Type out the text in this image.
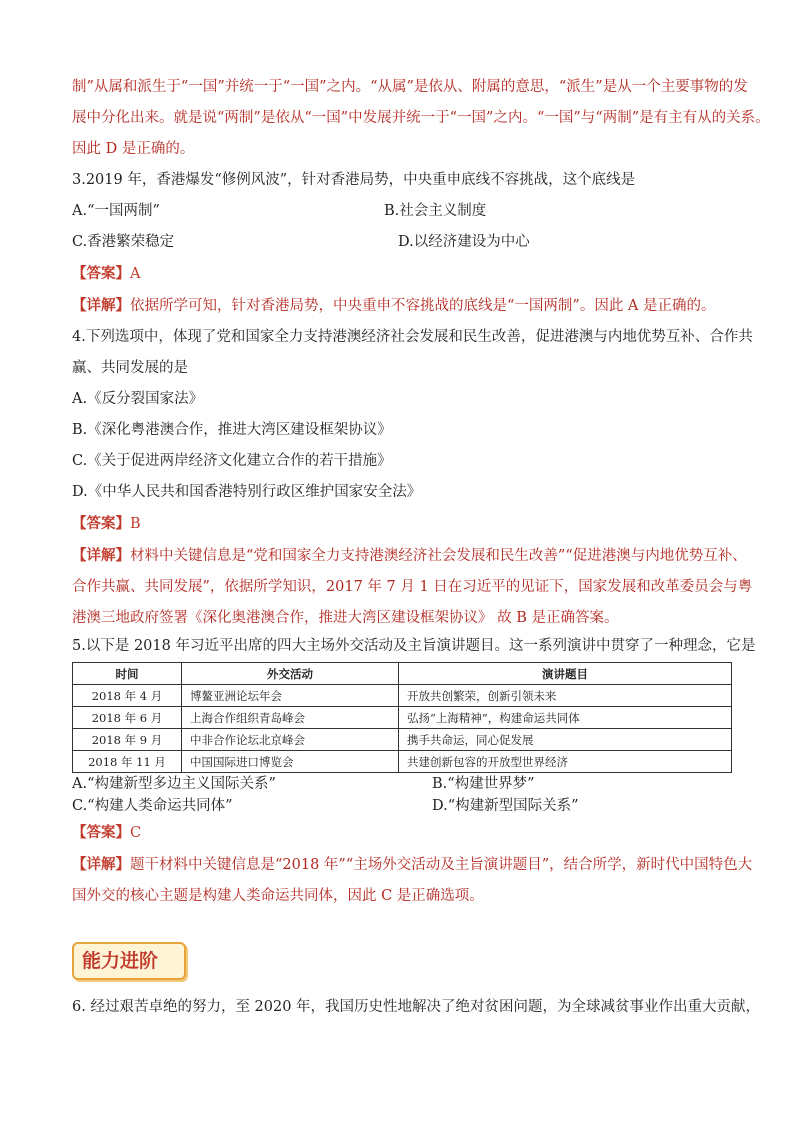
制”从属和派生于“一国”并统一于“一国”之内。“从属”是依从、附属的意思，“派生”是从一个主要事物的发
展中分化出来。就是说“两制”是依从“一国”中发展并统一于“一国”之内。“一国”与“两制”是有主有从的关系。
因此 D 是正确的。
3.2019 年，香港爆发“修例风波”，针对香港局势，中央重申底线不容挑战，这个底线是
A.“一国两制”	B.社会主义制度
C.香港繁荣稳定	D.以经济建设为中心
【答案】A
【详解】依据所学可知，针对香港局势，中央重申不容挑战的底线是“一国两制”。因此 A 是正确的。
4.下列选项中，体现了党和国家全力支持港澳经济社会发展和民生改善，促进港澳与内地优势互补、合作共
赢、共同发展的是
A.《反分裂国家法》
B.《深化粤港澳合作，推进大湾区建设框架协议》
C.《关于促进两岸经济文化建立合作的若干措施》
D.《中华人民共和国香港特别行政区维护国家安全法》
【答案】B
【详解】材料中关键信息是“党和国家全力支持港澳经济社会发展和民生改善”“促进港澳与内地优势互补、
合作共赢、共同发展”，依据所学知识，2017 年 7 月 1 日在习近平的见证下，国家发展和改革委员会与粤
港澳三地政府签署《深化奥港澳合作，推进大湾区建设框架协议》 故 B 是正确答案。
5.以下是 2018 年习近平出席的四大主场外交活动及主旨演讲题目。这一系列演讲中贯穿了一种理念，它是
时间	外交活动	演讲题目
2018 年 4 月	博鳌亚洲论坛年会	开放共创繁荣，创新引领未来
2018 年 6 月	上海合作组织青岛峰会	弘扬“上海精神”，构建命运共同体
2018 年 9 月	中非合作论坛北京峰会	携手共命运，同心促发展
2018 年 11 月	中国国际进口博览会	共建创新包容的开放型世界经济
A.“构建新型多边主义国际关系”	B.“构建世界梦”
C.“构建人类命运共同体”	D.“构建新型国际关系”
【答案】C
【详解】题干材料中关键信息是“2018 年”“主场外交活动及主旨演讲题目”，结合所学，新时代中国特色大
国外交的核心主题是构建人类命运共同体，因此 C 是正确选项。
能力进阶
6. 经过艰苦卓绝的努力，至 2020 年，我国历史性地解决了绝对贫困问题，为全球减贫事业作出重大贡献，
